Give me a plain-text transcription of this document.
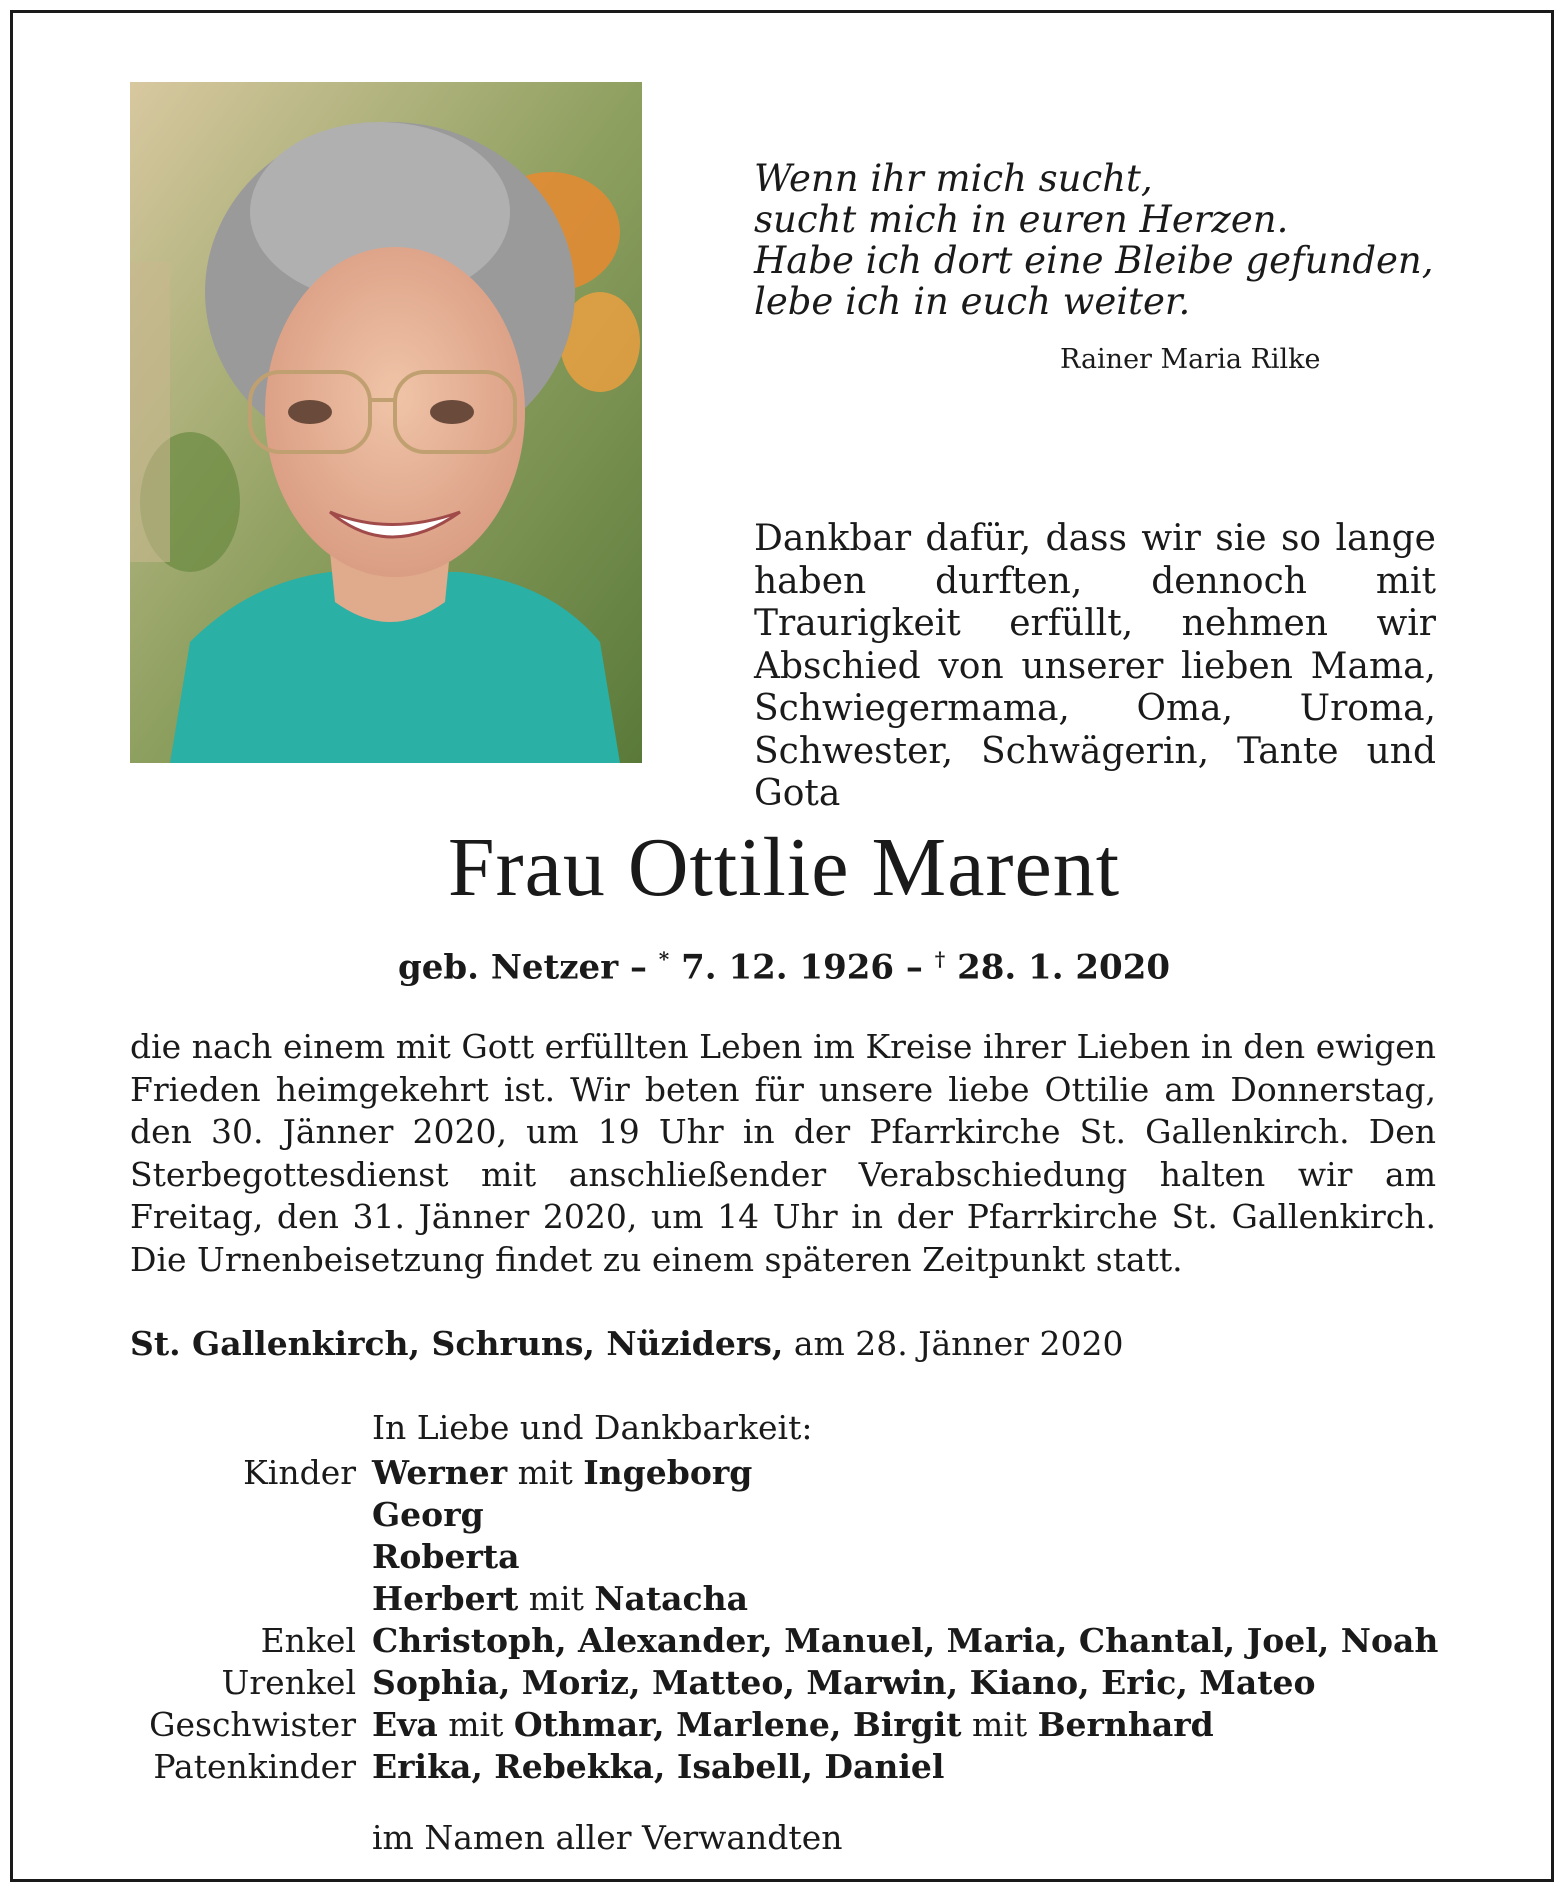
Wenn ihr mich sucht,
sucht mich in euren Herzen.
Habe ich dort eine Bleibe gefunden,
lebe ich in euch weiter.
Rainer Maria Rilke
Dankbar dafür, dass wir sie so lange haben durften, dennoch mit Traurigkeit erfüllt, nehmen wir Abschied von unserer lieben Mama, Schwiegermama, Oma, Uroma, Schwester, Schwägerin, Tante und Gota
Frau Ottilie Marent
geb. Netzer – * 7. 12. 1926 – † 28. 1. 2020
die nach einem mit Gott erfüllten Leben im Kreise ihrer Lieben in den ewigen Frieden heimgekehrt ist. Wir beten für unsere liebe Ottilie am Donnerstag, den 30. Jänner 2020, um 19 Uhr in der Pfarrkirche St. Gallenkirch. Den Sterbegottesdienst mit anschließender Verabschiedung halten wir am Freitag, den 31. Jänner 2020, um 14 Uhr in der Pfarrkirche St. Gallenkirch. Die Urnenbeisetzung findet zu einem späteren Zeitpunkt statt.
St. Gallenkirch, Schruns, Nüziders, am 28. Jänner 2020
In Liebe und Dankbarkeit:
Kinder Werner mit Ingeborg
Georg
Roberta
Herbert mit Natacha
Enkel Christoph, Alexander, Manuel, Maria, Chantal, Joel, Noah
Urenkel Sophia, Moriz, Matteo, Marwin, Kiano, Eric, Mateo
Geschwister Eva mit Othmar, Marlene, Birgit mit Bernhard
Patenkinder Erika, Rebekka, Isabell, Daniel
im Namen aller Verwandten
